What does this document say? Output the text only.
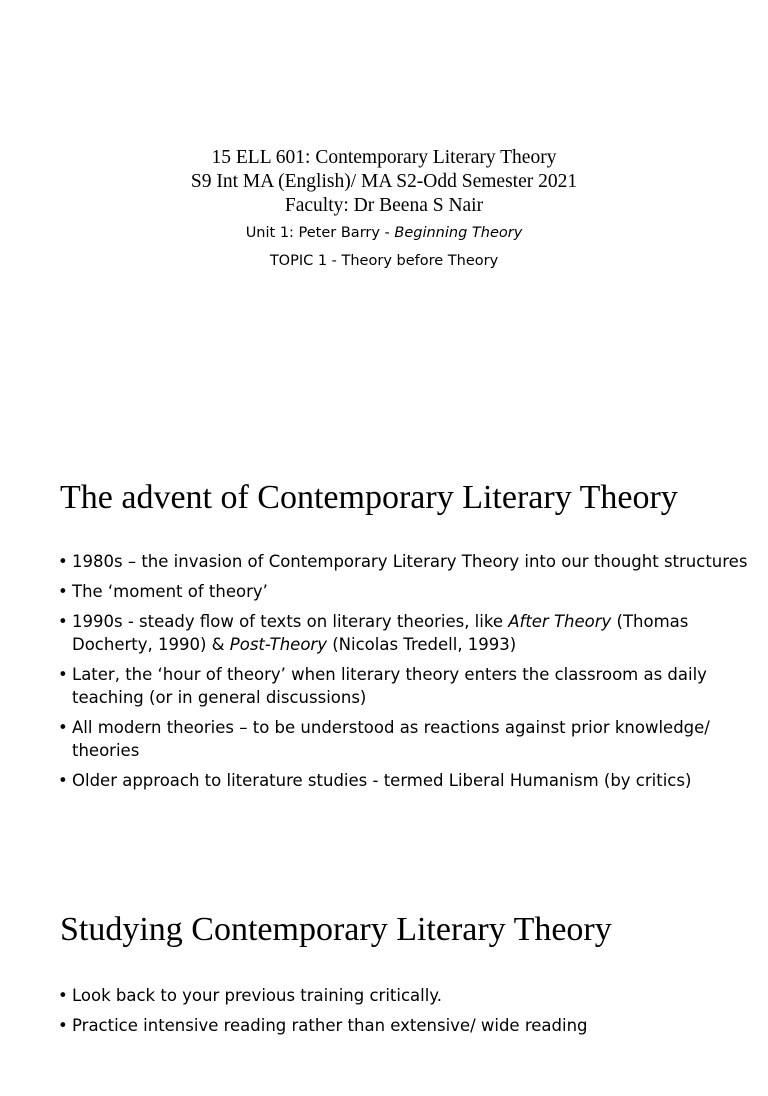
15 ELL 601: Contemporary Literary Theory

S9 Int MA (English)/ MA S2-Odd Semester 2021

Faculty: Dr Beena S Nair

Unit 1: Peter Barry - Beginning Theory

TOPIC 1 - Theory before Theory

The advent of Contemporary Literary Theory
• 1980s – the invasion of Contemporary Literary Theory into our thought structures
• The ‘moment of theory’
• 1990s - steady flow of texts on literary theories, like After Theory (Thomas Docherty, 1990) & Post-Theory (Nicolas Tredell, 1993)
• Later, the ‘hour of theory’ when literary theory enters the classroom as daily teaching (or in general discussions)
• All modern theories – to be understood as reactions against prior knowledge/ theories
• Older approach to literature studies - termed Liberal Humanism (by critics)
Studying Contemporary Literary Theory
• Look back to your previous training critically.
• Practice intensive reading rather than extensive/ wide reading
